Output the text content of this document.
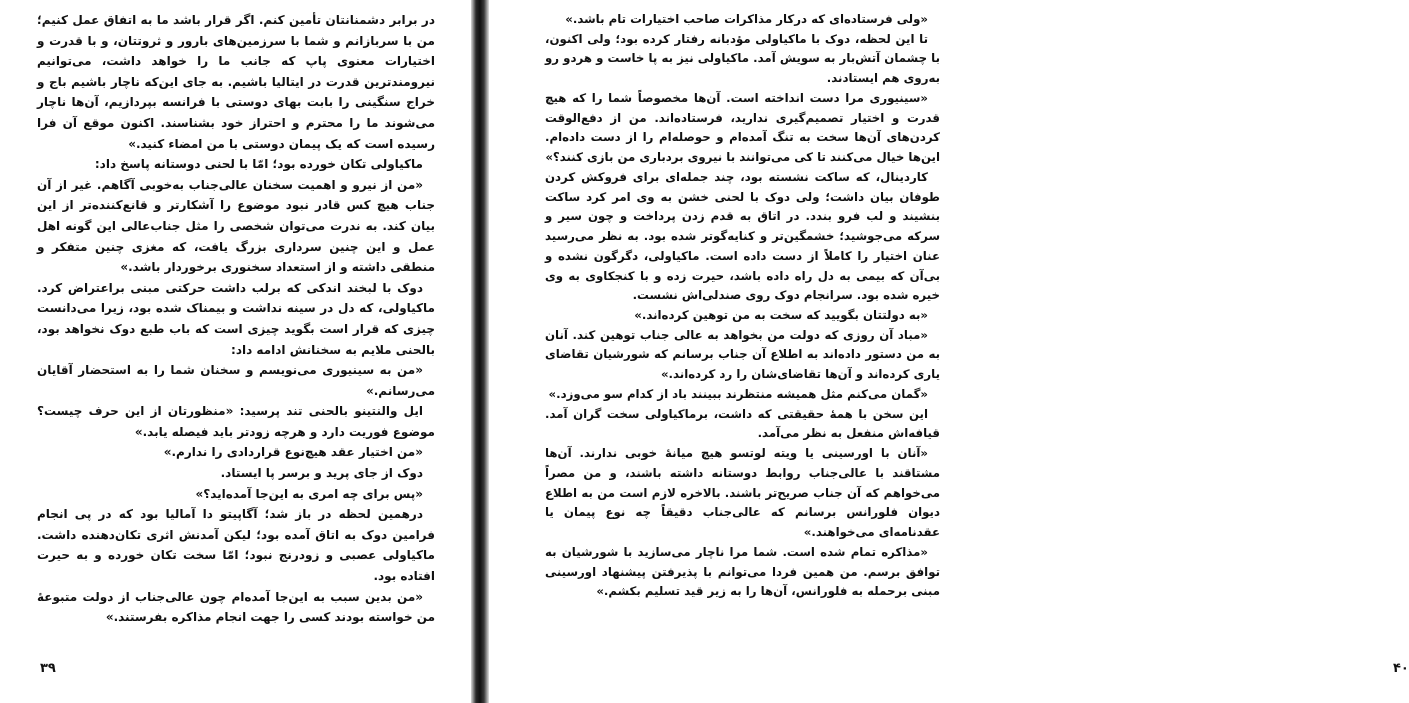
در برابر دشمنانتان تأمین کنم. اگر قرار باشد ما به اتفاق عمل کنیم؛ من با سربازانم و شما با سرزمین‌های بارور و ثروتتان، و با قدرت و اختیارات معنوی پاپ که جانب ما را خواهد داشت، می‌توانیم نیرومندترین قدرت در ایتالیا باشیم. به جای این‌که ناچار باشیم باج و خراج سنگینی را بابت بهای دوستی با فرانسه بپردازیم، آن‌ها ناچار می‌شوند ما را محترم و احتراز خود بشناسند. اکنون موقع آن فرا رسیده است که یک پیمان دوستی با من امضاء کنید.»

ماکیاولی تکان خورده بود؛ امّا با لحنی دوستانه پاسخ داد:

«من از نیرو و اهمیت سخنان عالی‌جناب به‌خوبی آگاهم. غیر از آن جناب هیچ کس قادر نبود موضوع را آشکارتر و قانع‌کننده‌تر از این بیان کند. به ندرت می‌توان شخصی را مثل جناب‌عالی این گونه اهل عمل و این چنین سرداری بزرگ یافت، که مغزی چنین متفکر و منطقی داشته و از استعداد سخنوری برخوردار باشد.»

دوک با لبخند اندکی که برلب داشت حرکتی مبنی براعتراض کرد. ماکیاولی، که دل در سینه نداشت و بیمناک شده بود، زیرا می‌دانست چیزی که قرار است بگوید چیزی است که باب طبع دوک نخواهد بود، بالحنی ملایم به سخنانش ادامه داد:

«من به سینیوری می‌نویسم و سخنان شما را به استحضار آقایان می‌رسانم.»

ایل والنتینو بالحنی تند پرسید: «منظورتان از این حرف چیست؟ موضوع فوریت دارد و هرچه زودتر باید فیصله یابد.»

«من اختیار عقد هیچ‌نوع قراردادی را ندارم.»

دوک از جای پرید و برسر پا ایستاد.

«پس برای چه امری به این‌جا آمده‌اید؟»

درهمین لحظه در باز شد؛ آگاپیتو دا آمالیا بود که در پی انجام فرامین دوک به اتاق آمده بود؛ لیکن آمدنش اثری تکان‌دهنده داشت. ماکیاولی عصبی و زودرنج نبود؛ امّا سخت تکان خورده و به حیرت افتاده بود.

«من بدین سبب به این‌جا آمده‌ام چون عالی‌جناب از دولت متبوعهٔ من خواسته بودند کسی را جهت انجام مذاکره بفرستند.»

۳۹

«ولی فرستاده‌ای که درکار مذاکرات صاحب اختیارات تام باشد.»

تا این لحظه، دوک با ماکیاولی مؤدبانه رفتار کرده بود؛ ولی اکنون، با چشمان آتش‌بار به سویش آمد. ماکیاولی نیز به پا خاست و هردو رو به‌روی هم ایستادند.

«سینیوری مرا دست انداخته است. آن‌ها مخصوصاً شما را که هیچ قدرت و اختیار تصمیم‌گیری ندارید، فرستاده‌اند. من از دفع‌الوقت کردن‌های آن‌ها سخت به تنگ آمده‌ام و حوصله‌ام را از دست داده‌ام. این‌ها خیال می‌کنند تا کی می‌توانند با نیروی بردباری من بازی کنند؟»

کاردینال، که ساکت نشسته بود، چند جمله‌ای برای فروکش کردن طوفان بیان داشت؛ ولی دوک با لحنی خشن به وی امر کرد ساکت بنشیند و لب فرو بندد. در اتاق به قدم زدن پرداخت و چون سیر و سرکه می‌جوشید؛ خشمگین‌تر و کنایه‌گوتر شده بود. به نظر می‌رسید عنان اختیار را کاملاً از دست داده است. ماکیاولی، دگرگون نشده و بی‌آن که بیمی به دل راه داده باشد، حیرت زده و با کنجکاوی به وی خیره شده بود. سرانجام دوک روی صندلی‌اش نشست.

«به دولتتان بگویید که سخت به من توهین کرده‌اند.»

«مباد آن روزی که دولت من بخواهد به عالی جناب توهین کند. آنان به من دستور داده‌اند به اطلاع آن جناب برسانم که شورشیان تقاضای یاری کرده‌اند و آن‌ها تقاضای‌شان را رد کرده‌اند.»

«گمان می‌کنم مثل همیشه منتظرند ببینند باد از کدام سو می‌وزد.»

این سخن با همهٔ حقیقتی که داشت، برماکیاولی سخت گران آمد. قیافه‌اش منفعل به نظر می‌آمد.

«آنان با اورسینی یا ویته لوتسو هیچ میانهٔ خوبی ندارند. آن‌ها مشتاقند با عالی‌جناب روابط دوستانه داشته باشند، و من مصراً می‌خواهم که آن جناب صریح‌تر باشند. بالاخره لازم است من به اطلاع دیوان فلورانس برسانم که عالی‌جناب دقیقاً چه نوع پیمان یا عقدنامه‌ای می‌خواهند.»

«مذاکره تمام شده است. شما مرا ناچار می‌سازید با شورشیان به توافق برسم. من همین فردا می‌توانم با پذیرفتن پیشنهاد اورسینی مبنی برحمله به فلورانس، آن‌ها را به زیر قید تسلیم بکشم.»

۴۰
